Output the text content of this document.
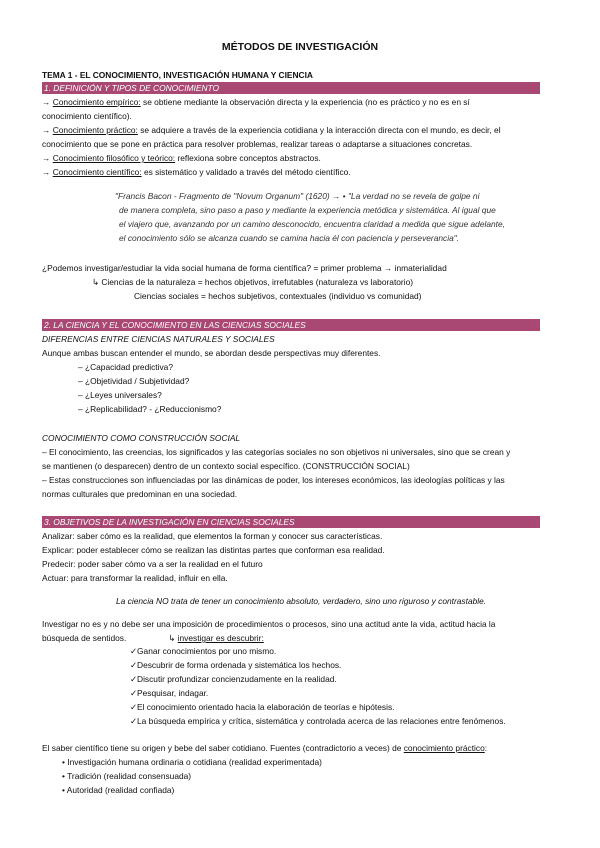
MÉTODOS DE INVESTIGACIÓN
TEMA 1 - EL CONOCIMIENTO, INVESTIGACIÓN HUMANA Y CIENCIA
1. DEFINICIÓN Y TIPOS DE CONOCIMIENTO
→ Conocimiento empírico: se obtiene mediante la observación directa y la experiencia (no es práctico y no es en sí
conocimiento científico).
→ Conocimiento práctico: se adquiere a través de la experiencia cotidiana y la interacción directa con el mundo, es decir, el
conocimiento que se pone en práctica para resolver problemas, realizar tareas o adaptarse a situaciones concretas.
→ Conocimiento filosófico y teórico: reflexiona sobre conceptos abstractos.
→ Conocimiento científico: es sistemático y validado a través del método científico.
"Francis Bacon - Fragmento de "Novum Organum" (1620) → • "La verdad no se revela de golpe ni
de manera completa, sino paso a paso y mediante la experiencia metódica y sistemática. Al igual que
el viajero que, avanzando por un camino desconocido, encuentra claridad a medida que sigue adelante,
el conocimiento sólo se alcanza cuando se camina hacia él con paciencia y perseverancia".
¿Podemos investigar/estudiar la vida social humana de forma científica? = primer problema → inmaterialidad
↳ Ciencias de la naturaleza = hechos objetivos, irrefutables (naturaleza vs laboratorio)
Ciencias sociales = hechos subjetivos, contextuales (individuo vs comunidad)
2. LA CIENCIA Y EL CONOCIMIENTO EN LAS CIENCIAS SOCIALES
DIFERENCIAS ENTRE CIENCIAS NATURALES Y SOCIALES
Aunque ambas buscan entender el mundo, se abordan desde perspectivas muy diferentes.
– ¿Capacidad predictiva?
– ¿Objetividad / Subjetividad?
– ¿Leyes universales?
– ¿Replicabilidad? - ¿Reduccionismo?
CONOCIMIENTO COMO CONSTRUCCIÓN SOCIAL
– El conocimiento, las creencias, los significados y las categorías sociales no son objetivos ni universales, sino que se crean y
se mantienen (o desparecen) dentro de un contexto social específico. (CONSTRUCCIÓN SOCIAL)
– Estas construcciones son influenciadas por las dinámicas de poder, los intereses económicos, las ideologías políticas y las
normas culturales que predominan en una sociedad.
3. OBJETIVOS DE LA INVESTIGACIÓN EN CIENCIAS SOCIALES
Analizar: saber cómo es la realidad, que elementos la forman y conocer sus características.
Explicar: poder establecer cómo se realizan las distintas partes que conforman esa realidad.
Predecir: poder saber cómo va a ser la realidad en el futuro
Actuar: para transformar la realidad, influir en ella.
La ciencia NO trata de tener un conocimiento absoluto, verdadero, sino uno riguroso y contrastable.
Investigar no es y no debe ser una imposición de procedimientos o procesos, sino una actitud ante la vida, actitud hacia la
búsqueda de sentidos.	↳ investigar es descubrir:
✓Ganar conocimientos por uno mismo.
✓Descubrir de forma ordenada y sistemática los hechos.
✓Discutir profundizar concienzudamente en la realidad.
✓Pesquisar, indagar.
✓El conocimiento orientado hacia la elaboración de teorías e hipótesis.
✓La búsqueda empírica y crítica, sistemática y controlada acerca de las relaciones entre fenómenos.
El saber científico tiene su origen y bebe del saber cotidiano. Fuentes (contradictorio a veces) de conocimiento práctico:
• Investigación humana ordinaria o cotidiana (realidad experimentada)
• Tradición (realidad consensuada)
• Autoridad (realidad confiada)
